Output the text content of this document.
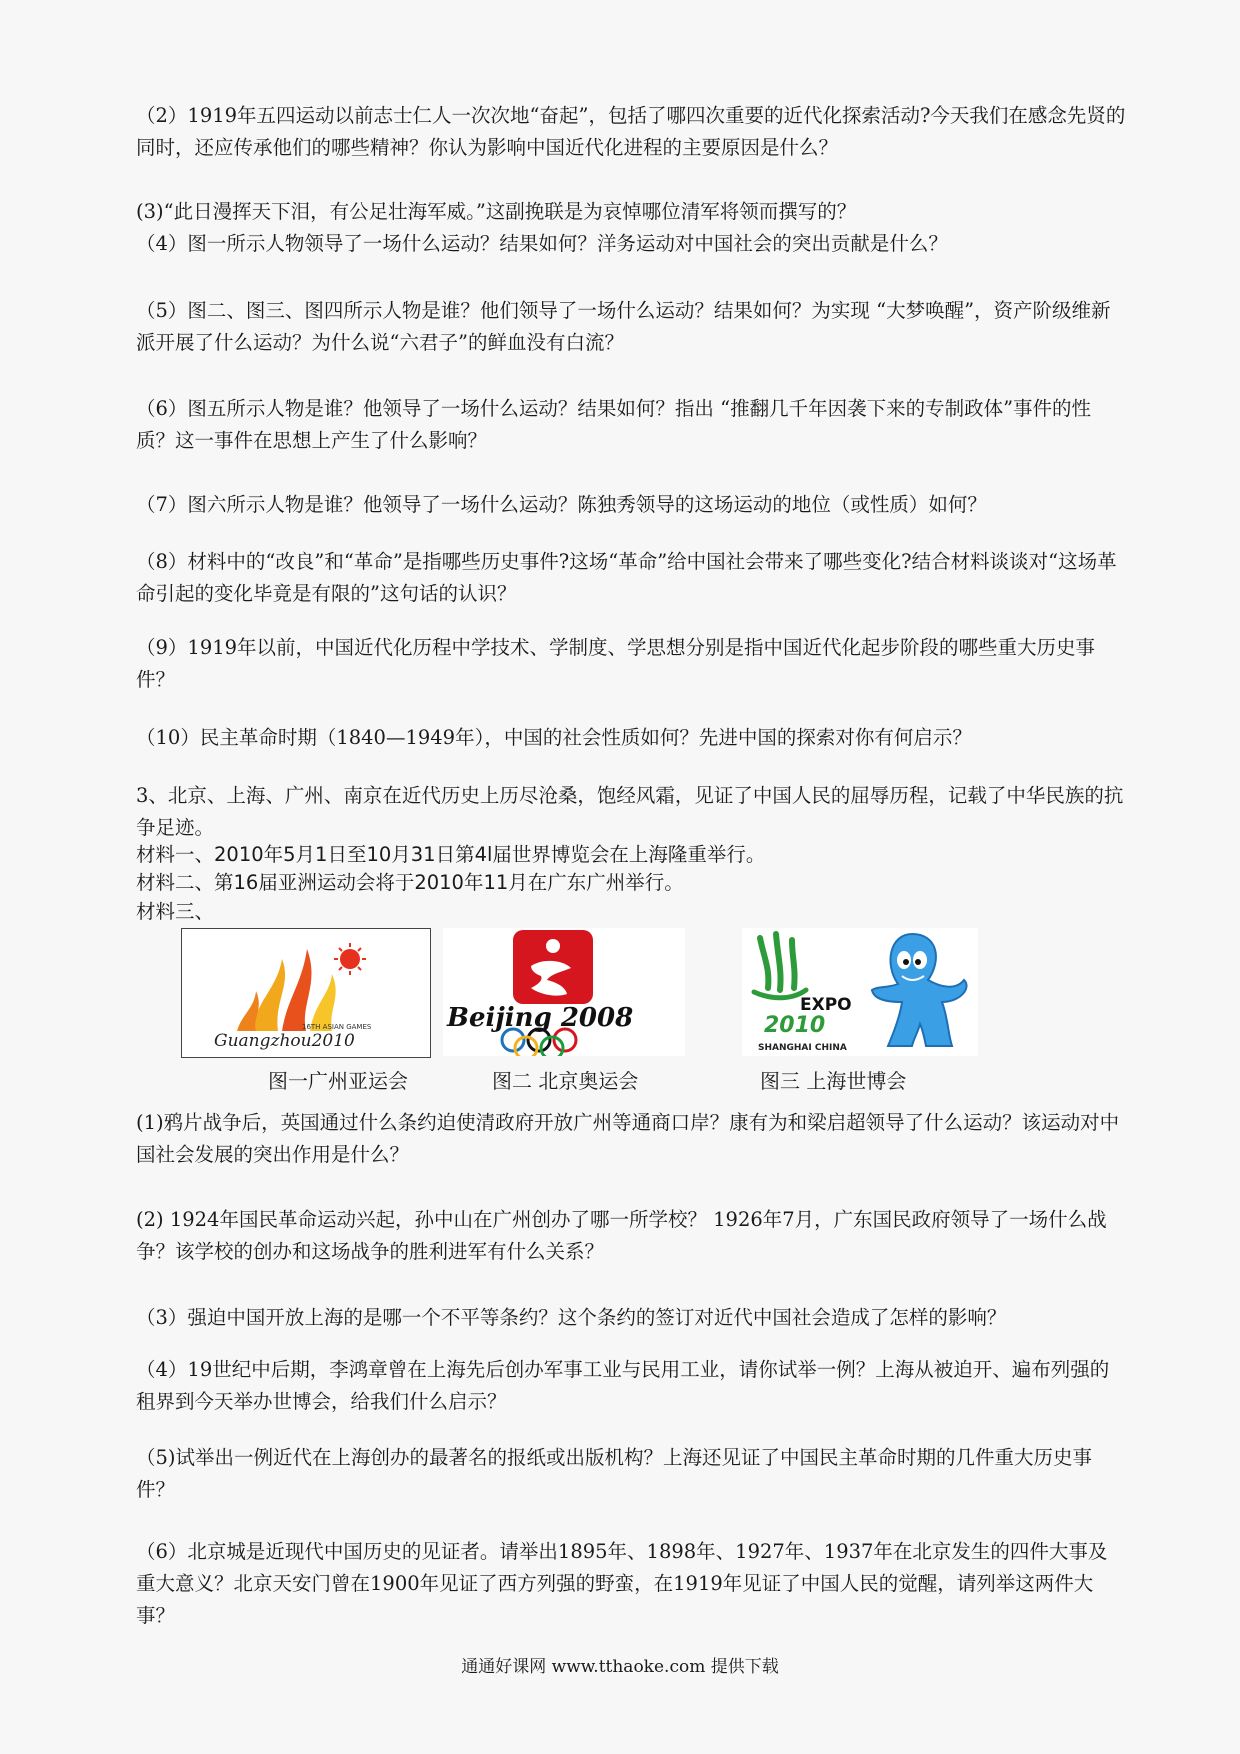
（2）1919年五四运动以前志士仁人一次次地“奋起”，包括了哪四次重要的近代化探索活动?今天我们在感念先贤的同时，还应传承他们的哪些精神？你认为影响中国近代化进程的主要原因是什么？

(3)“此日漫挥天下泪，有公足壮海军威。”这副挽联是为哀悼哪位清军将领而撰写的？

（4）图一所示人物领导了一场什么运动？结果如何？洋务运动对中国社会的突出贡献是什么？

（5）图二、图三、图四所示人物是谁？他们领导了一场什么运动？结果如何？为实现 “大梦唤醒”，资产阶级维新派开展了什么运动？为什么说“六君子”的鲜血没有白流？

（6）图五所示人物是谁？他领导了一场什么运动？结果如何？指出 “推翻几千年因袭下来的专制政体”事件的性质？这一事件在思想上产生了什么影响？

（7）图六所示人物是谁？他领导了一场什么运动？陈独秀领导的这场运动的地位（或性质）如何？

（8）材料中的“改良”和“革命”是指哪些历史事件?这场“革命”给中国社会带来了哪些变化?结合材料谈谈对“这场革命引起的变化毕竟是有限的”这句话的认识？

（9）1919年以前，中国近代化历程中学技术、学制度、学思想分别是指中国近代化起步阶段的哪些重大历史事件？

（10）民主革命时期（1840—1949年），中国的社会性质如何？先进中国的探索对你有何启示？

3、北京、上海、广州、南京在近代历史上历尽沧桑，饱经风霜，见证了中国人民的屈辱历程，记载了中华民族的抗争足迹。

材料一、2010年5月1日至10月31日第4l届世界博览会在上海隆重举行。

材料二、第16届亚洲运动会将于2010年11月在广东广州举行。

材料三、

16TH ASIAN GAMES
Guangzhou2010
Beijing 2008	EXPO
2010
SHANGHAI CHINA
图一广州亚运会	图二 北京奥运会	图三 上海世博会

(1)鸦片战争后，英国通过什么条约迫使清政府开放广州等通商口岸？康有为和梁启超领导了什么运动？该运动对中国社会发展的突出作用是什么？

(2) 1924年国民革命运动兴起，孙中山在广州创办了哪一所学校？ 1926年7月，广东国民政府领导了一场什么战争？该学校的创办和这场战争的胜利进军有什么关系？

（3）强迫中国开放上海的是哪一个不平等条约？这个条约的签订对近代中国社会造成了怎样的影响？

（4）19世纪中后期，李鸿章曾在上海先后创办军事工业与民用工业，请你试举一例？上海从被迫开、遍布列强的租界到今天举办世博会，给我们什么启示？

（5)试举出一例近代在上海创办的最著名的报纸或出版机构？上海还见证了中国民主革命时期的几件重大历史事件？

（6）北京城是近现代中国历史的见证者。请举出1895年、1898年、1927年、1937年在北京发生的四件大事及重大意义？北京天安门曾在1900年见证了西方列强的野蛮，在1919年见证了中国人民的觉醒，请列举这两件大事？

通通好课网 www.tthaoke.com 提供下载
